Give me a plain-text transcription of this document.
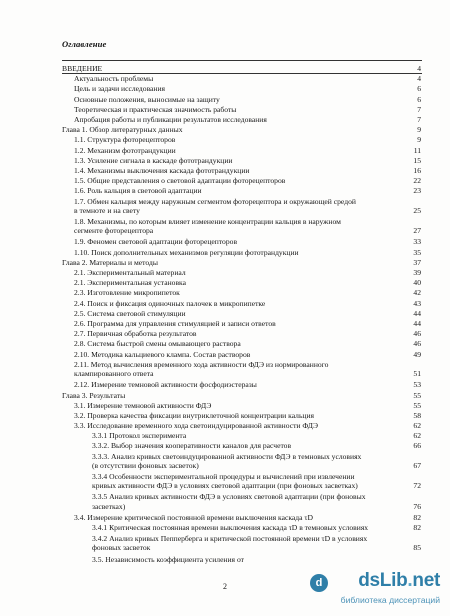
Оглавление
ВВЕДЕНИЕ	4
Актуальность проблемы	4
Цель и задачи исследования	6
Основные положения, выносимые на защиту	6
Теоретическая и практическая значимость работы	7
Апробация работы и публикации результатов исследования	7
Глава 1. Обзор литературных данных	9
1.1. Структура фоторецепторов	9
1.2. Механизм фототрандукции	11
1.3. Усиление сигнала в каскаде фототрандукции	15
1.4. Механизмы выключения каскада фототрандукции	16
1.5. Общие представления о световой адаптации фоторецепторов	22
1.6. Роль кальция в световой адаптации	23
1.7. Обмен кальция между наружным сегментом фоторецептора и окружающей средой
в темноте и на свету	25
1.8. Механизмы, по которым влияет изменение концентрации кальция в наружном
сегменте фоторецептора	27
1.9. Феномен световой адаптации фоторецепторов	33
1.10. Поиск дополнительных механизмов регуляции фототрандукции	35
Глава 2. Материалы и методы	37
2.1. Экспериментальный материал	39
2.1. Экспериментальная установка	40
2.3. Изготовление микропипеток	42
2.4. Поиск и фиксация одиночных палочек в микропипетке	43
2.5. Система световой стимуляции	44
2.6. Программа для управления стимуляцией и записи ответов	44
2.7. Первичная обработка результатов	46
2.8. Система быстрой смены омывающего раствора	46
2.10. Методика кальциевого клампа. Состав растворов	49
2.11. Метод вычисления временного хода активности ФДЭ из нормированного
клампированного ответа	51
2.12. Измерение темновой активности фосфодиэстеразы	53
Глава 3. Результаты	55
3.1. Измерение темновой активности ФДЭ	55
3.2. Проверка качества фиксации внутриклеточной концентрации кальция	58
3.3. Исследование временного хода светоиндуцированной активности ФДЭ	62
3.3.1 Протокол эксперимента	62
3.3.2. Выбор значения кооперативности каналов для расчетов	66
3.3.3. Анализ кривых светоиндуцированной активности ФДЭ в темновых условиях
(в отсутствии фоновых засветок)	67
3.3.4 Особенности экспериментальной процедуры и вычислений при извлечении
кривых активности ФДЭ в условиях световой адаптации (при фоновых засветках)	72
3.3.5 Анализ кривых активности ФДЭ в условиях световой адаптации (при фоновых
засветках)	76
3.4. Измерение критической постоянной времени выключения каскада τD	82
3.4.1 Критическая постоянная времени выключения каскада τD в темновых условиях	82
3.4.2 Анализ кривых Пепперберга и критической постоянной времени τD в условиях
фоновых засветок	85
3.5. Независимость коэффициента усиления от
2	d dsLib.net
библиотека диссертаций
